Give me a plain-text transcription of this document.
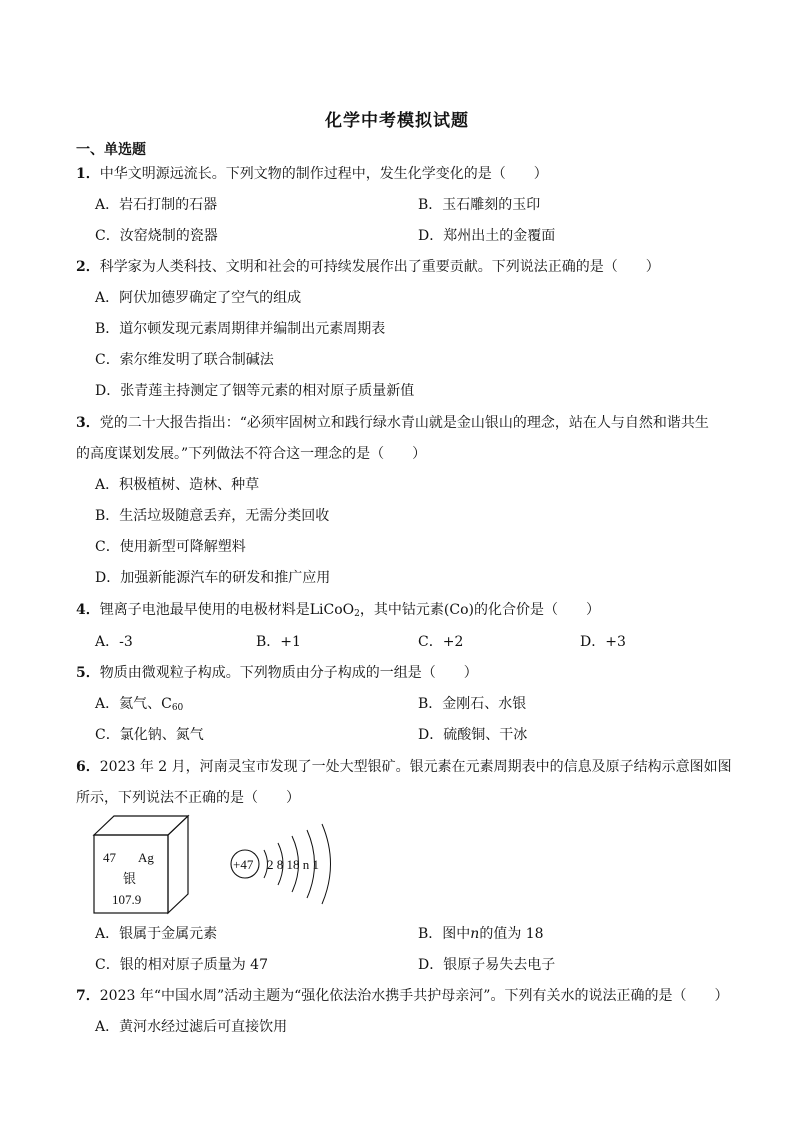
化学中考模拟试题
一、单选题
1．中华文明源远流长。下列文物的制作过程中，发生化学变化的是（　　）
A．岩石打制的石器	B．玉石雕刻的玉印
C．汝窑烧制的瓷器	D．郑州出土的金覆面
2．科学家为人类科技、文明和社会的可持续发展作出了重要贡献。下列说法正确的是（　　）
A．阿伏加德罗确定了空气的组成
B．道尔顿发现元素周期律并编制出元素周期表
C．索尔维发明了联合制碱法
D．张青莲主持测定了铟等元素的相对原子质量新值
3．党的二十大报告指出：“必须牢固树立和践行绿水青山就是金山银山的理念，站在人与自然和谐共生
的高度谋划发展。”下列做法不符合这一理念的是（　　）
A．积极植树、造林、种草
B．生活垃圾随意丢弃，无需分类回收
C．使用新型可降解塑料
D．加强新能源汽车的研发和推广应用
4．锂离子电池最早使用的电极材料是LiCoO$_2$，其中钴元素(Co)的化合价是（　　）
A．-3	B．+1	C．+2	D．+3
5．物质由微观粒子构成。下列物质由分子构成的一组是（　　）
A．氦气、$C_{60}$	B．金刚石、水银
C．氯化钠、氮气	D．硫酸铜、干冰
6．2023 年 2 月，河南灵宝市发现了一处大型银矿。银元素在元素周期表中的信息及原子结构示意图如图
所示，下列说法不正确的是（　　）
47 Ag
银
107.9
+47 2 8 18 n 1
A．银属于金属元素	B．图中n的值为 18
C．银的相对原子质量为 47	D．银原子易失去电子
7．2023 年“中国水周”活动主题为“强化依法治水携手共护母亲河”。下列有关水的说法正确的是（　　）
A．黄河水经过滤后可直接饮用
